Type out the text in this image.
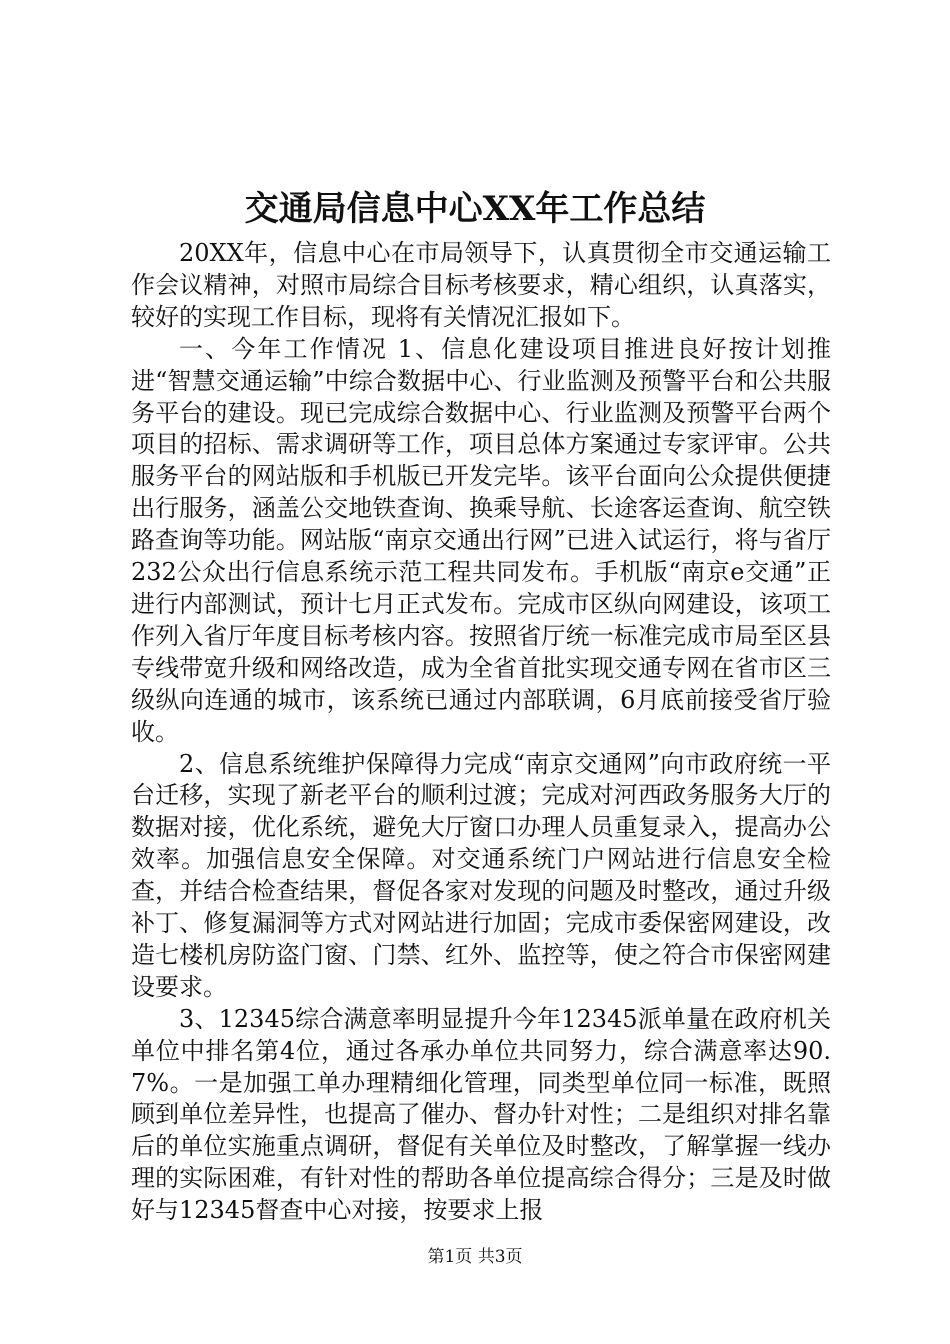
交通局信息中心XX年工作总结

20XX年，信息中心在市局领导下，认真贯彻全市交通运输工作会议精神，对照市局综合目标考核要求，精心组织，认真落实，较好的实现工作目标，现将有关情况汇报如下。

一、今年工作情况 1、信息化建设项目推进良好按计划推进“智慧交通运输”中综合数据中心、行业监测及预警平台和公共服务平台的建设。现已完成综合数据中心、行业监测及预警平台两个项目的招标、需求调研等工作，项目总体方案通过专家评审。公共服务平台的网站版和手机版已开发完毕。该平台面向公众提供便捷出行服务，涵盖公交地铁查询、换乘导航、长途客运查询、航空铁路查询等功能。网站版“南京交通出行网”已进入试运行，将与省厅232公众出行信息系统示范工程共同发布。手机版“南京e交通”正进行内部测试，预计七月正式发布。完成市区纵向网建设，该项工作列入省厅年度目标考核内容。按照省厅统一标准完成市局至区县专线带宽升级和网络改造，成为全省首批实现交通专网在省市区三级纵向连通的城市，该系统已通过内部联调，6月底前接受省厅验收。

2、信息系统维护保障得力完成“南京交通网”向市政府统一平台迁移，实现了新老平台的顺利过渡；完成对河西政务服务大厅的数据对接，优化系统，避免大厅窗口办理人员重复录入，提高办公效率。加强信息安全保障。对交通系统门户网站进行信息安全检查，并结合检查结果，督促各家对发现的问题及时整改，通过升级补丁、修复漏洞等方式对网站进行加固；完成市委保密网建设，改造七楼机房防盗门窗、门禁、红外、监控等，使之符合市保密网建设要求。

3、12345综合满意率明显提升今年12345派单量在政府机关单位中排名第4位，通过各承办单位共同努力，综合满意率达90.7%。一是加强工单办理精细化管理，同类型单位同一标准，既照顾到单位差异性，也提高了催办、督办针对性；二是组织对排名靠后的单位实施重点调研，督促有关单位及时整改，了解掌握一线办理的实际困难，有针对性的帮助各单位提高综合得分；三是及时做好与12345督查中心对接，按要求上报

第1页 共3页
